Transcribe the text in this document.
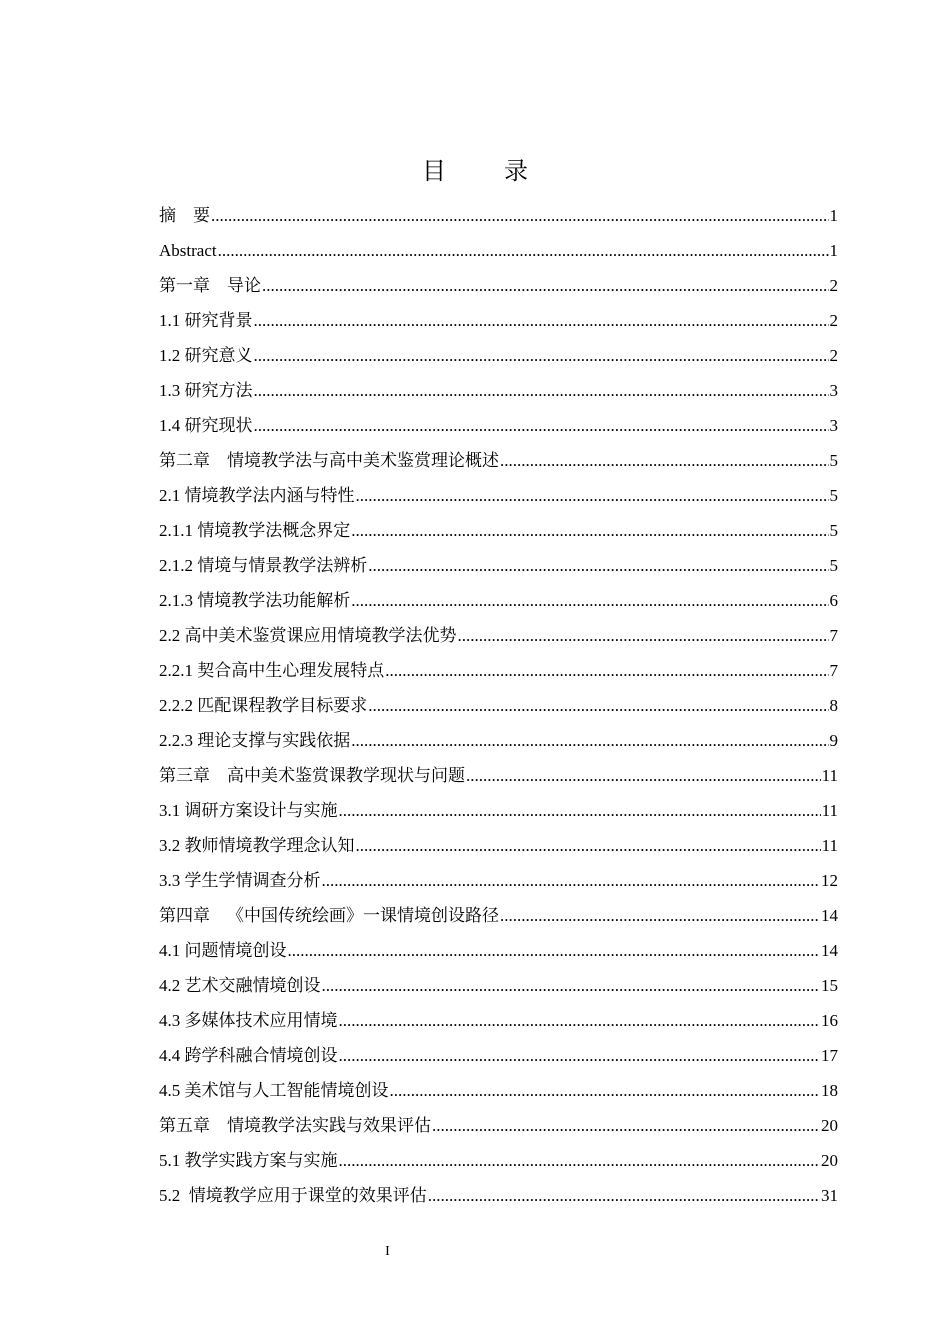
目 录
摘    要 .....	1
Abstract .....	1
第一章    导论 .....	2
1.1 研究背景 .....	2
1.2 研究意义 .....	2
1.3 研究方法 .....	3
1.4 研究现状 .....	3
第二章    情境教学法与高中美术鉴赏理论概述 .....	5
2.1 情境教学法内涵与特性 .....	5
2.1.1 情境教学法概念界定 .....	5
2.1.2 情境与情景教学法辨析 .....	5
2.1.3 情境教学法功能解析 .....	6
2.2 高中美术鉴赏课应用情境教学法优势 .....	7
2.2.1 契合高中生心理发展特点 .....	7
2.2.2 匹配课程教学目标要求 .....	8
2.2.3 理论支撑与实践依据 .....	9
第三章    高中美术鉴赏课教学现状与问题 .....	11
3.1 调研方案设计与实施 .....	11
3.2 教师情境教学理念认知 .....	11
3.3 学生学情调查分析 .....	12
第四章    《中国传统绘画》一课情境创设路径 .....	14
4.1 问题情境创设 .....	14
4.2 艺术交融情境创设 .....	15
4.3 多媒体技术应用情境 .....	16
4.4 跨学科融合情境创设 .....	17
4.5 美术馆与人工智能情境创设 .....	18
第五章    情境教学法实践与效果评估 .....	20
5.1 教学实践方案与实施 .....	20
5.2  情境教学应用于课堂的效果评估 .....	31
I
